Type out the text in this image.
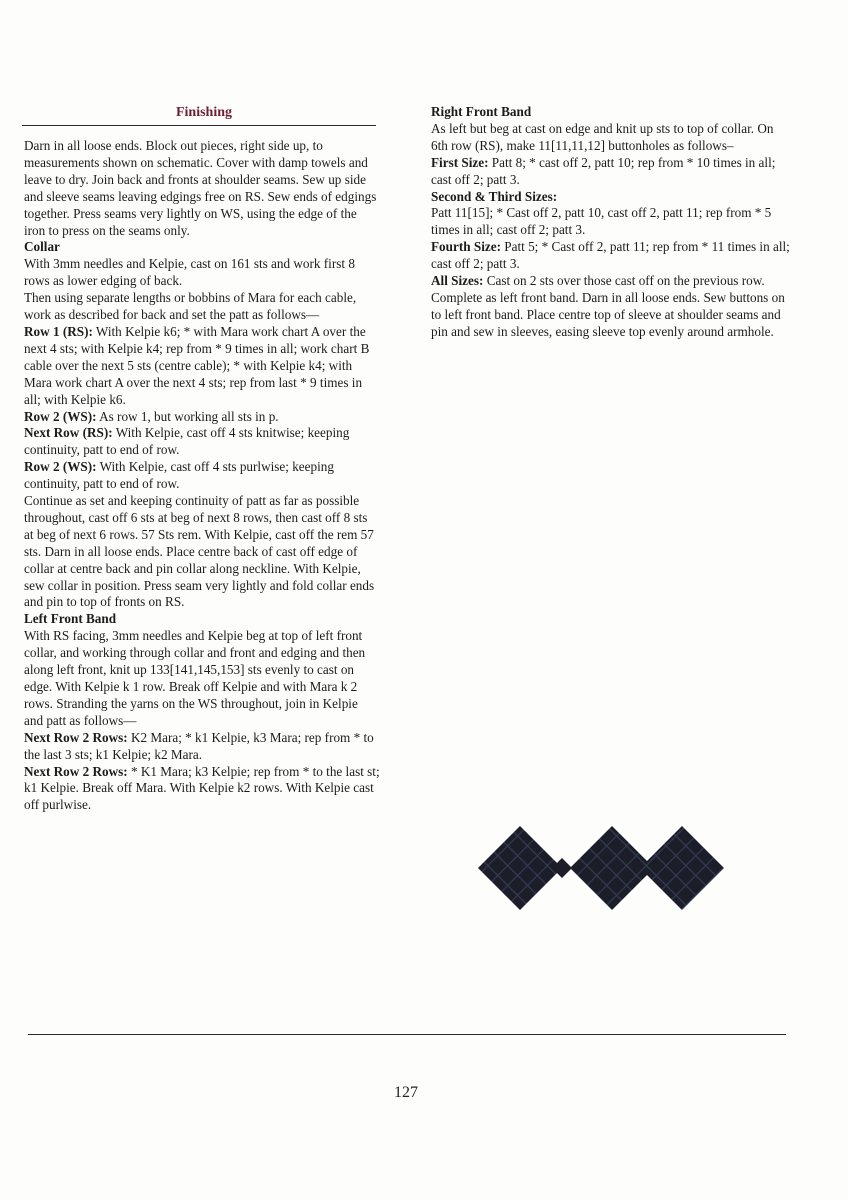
Finishing

Darn in all loose ends. Block out pieces, right side up, to measurements shown on schematic. Cover with damp towels and leave to dry. Join back and fronts at shoulder seams. Sew up side and sleeve seams leaving edgings free on RS. Sew ends of edgings together. Press seams very lightly on WS, using the edge of the iron to press on the seams only.

Collar

With 3mm needles and Kelpie, cast on 161 sts and work first 8 rows as lower edging of back.

Then using separate lengths or bobbins of Mara for each cable, work as described for back and set the patt as follows—

Row 1 (RS): With Kelpie k6; * with Mara work chart A over the next 4 sts; with Kelpie k4; rep from * 9 times in all; work chart B cable over the next 5 sts (centre cable); * with Kelpie k4; with Mara work chart A over the next 4 sts; rep from last * 9 times in all; with Kelpie k6.

Row 2 (WS): As row 1, but working all sts in p.

Next Row (RS): With Kelpie, cast off 4 sts knitwise; keeping continuity, patt to end of row.

Row 2 (WS): With Kelpie, cast off 4 sts purlwise; keeping continuity, patt to end of row.

Continue as set and keeping continuity of patt as far as possible throughout, cast off 6 sts at beg of next 8 rows, then cast off 8 sts at beg of next 6 rows. 57 Sts rem. With Kelpie, cast off the rem 57 sts. Darn in all loose ends. Place centre back of cast off edge of collar at centre back and pin collar along neckline. With Kelpie, sew collar in position. Press seam very lightly and fold collar ends and pin to top of fronts on RS.

Left Front Band

With RS facing, 3mm needles and Kelpie beg at top of left front collar, and working through collar and front and edging and then along left front, knit up 133[141,145,153] sts evenly to cast on edge. With Kelpie k 1 row. Break off Kelpie and with Mara k 2 rows. Stranding the yarns on the WS throughout, join in Kelpie and patt as follows—

Next Row 2 Rows: K2 Mara; * k1 Kelpie, k3 Mara; rep from * to the last 3 sts; k1 Kelpie; k2 Mara.

Next Row 2 Rows: * K1 Mara; k3 Kelpie; rep from * to the last st; k1 Kelpie. Break off Mara. With Kelpie k2 rows. With Kelpie cast off purlwise.

Right Front Band

As left but beg at cast on edge and knit up sts to top of collar. On 6th row (RS), make 11[11,11,12] buttonholes as follows–

First Size: Patt 8; * cast off 2, patt 10; rep from * 10 times in all; cast off 2; patt 3.

Second & Third Sizes:

Patt 11[15]; * Cast off 2, patt 10, cast off 2, patt 11; rep from * 5 times in all; cast off 2; patt 3.

Fourth Size: Patt 5; * Cast off 2, patt 11; rep from * 11 times in all; cast off 2; patt 3.

All Sizes: Cast on 2 sts over those cast off on the previous row. Complete as left front band. Darn in all loose ends. Sew buttons on to left front band. Place centre top of sleeve at shoulder seams and pin and sew in sleeves, easing sleeve top evenly around armhole.

127
